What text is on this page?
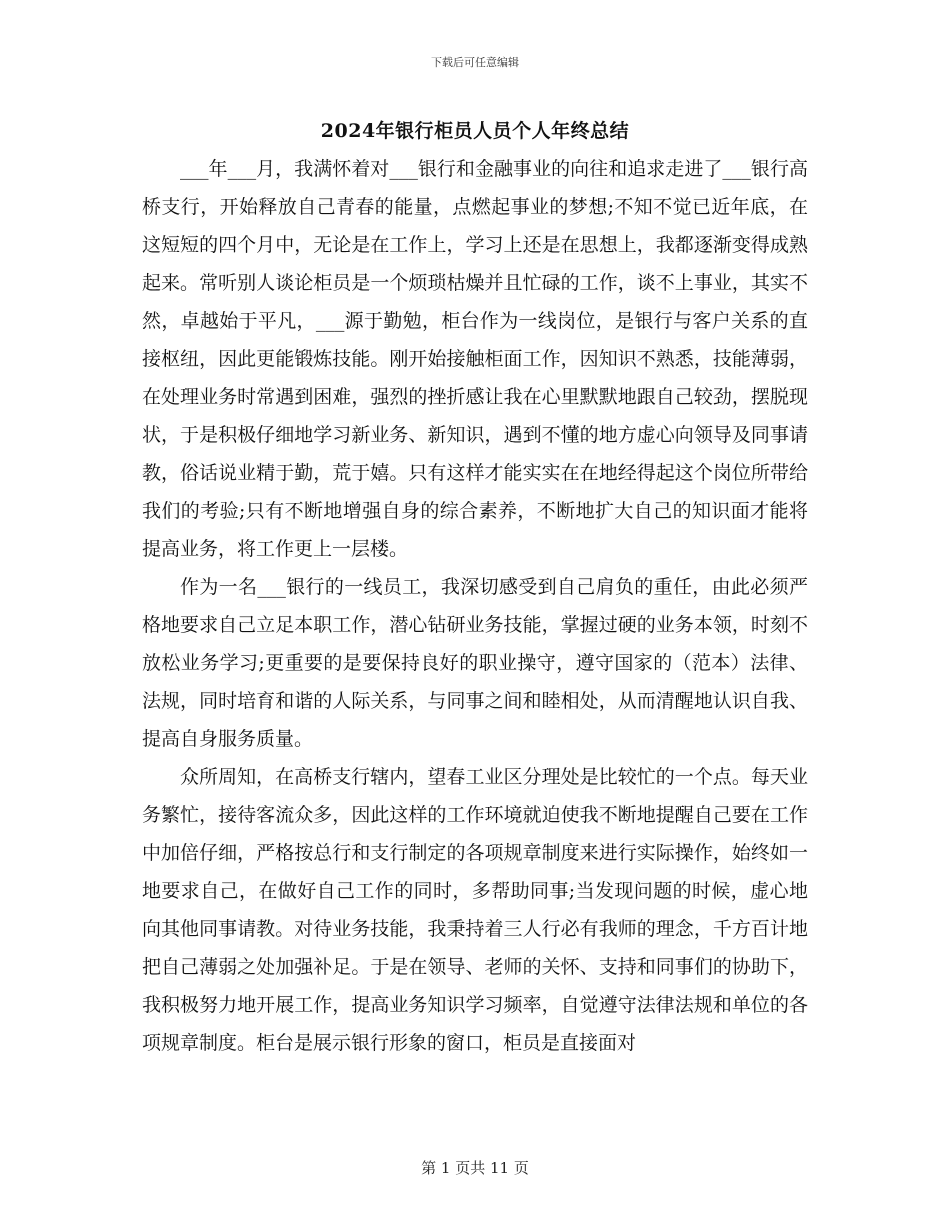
下载后可任意编辑
2024年银行柜员人员个人年终总结

___年___月，我满怀着对___银行和金融事业的向往和追求走进了___银行高桥支行，开始释放自己青春的能量，点燃起事业的梦想;不知不觉已近年底，在这短短的四个月中，无论是在工作上，学习上还是在思想上，我都逐渐变得成熟起来。常听别人谈论柜员是一个烦琐枯燥并且忙碌的工作，谈不上事业，其实不然，卓越始于平凡，___源于勤勉，柜台作为一线岗位，是银行与客户关系的直接枢纽，因此更能锻炼技能。刚开始接触柜面工作，因知识不熟悉，技能薄弱，在处理业务时常遇到困难，强烈的挫折感让我在心里默默地跟自己较劲，摆脱现状，于是积极仔细地学习新业务、新知识，遇到不懂的地方虚心向领导及同事请教，俗话说业精于勤，荒于嬉。只有这样才能实实在在地经得起这个岗位所带给我们的考验;只有不断地增强自身的综合素养，不断地扩大自己的知识面才能将提高业务，将工作更上一层楼。

作为一名___银行的一线员工，我深切感受到自己肩负的重任，由此必须严格地要求自己立足本职工作，潜心钻研业务技能，掌握过硬的业务本领，时刻不放松业务学习;更重要的是要保持良好的职业操守，遵守国家的（范本）法律、法规，同时培育和谐的人际关系，与同事之间和睦相处，从而清醒地认识自我、提高自身服务质量。

众所周知，在高桥支行辖内，望春工业区分理处是比较忙的一个点。每天业务繁忙，接待客流众多，因此这样的工作环境就迫使我不断地提醒自己要在工作中加倍仔细，严格按总行和支行制定的各项规章制度来进行实际操作，始终如一地要求自己，在做好自己工作的同时，多帮助同事;当发现问题的时候，虚心地向其他同事请教。对待业务技能，我秉持着三人行必有我师的理念，千方百计地把自己薄弱之处加强补足。于是在领导、老师的关怀、支持和同事们的协助下，我积极努力地开展工作，提高业务知识学习频率，自觉遵守法律法规和单位的各项规章制度。柜台是展示银行形象的窗口，柜员是直接面对

第 1 页共 11 页
